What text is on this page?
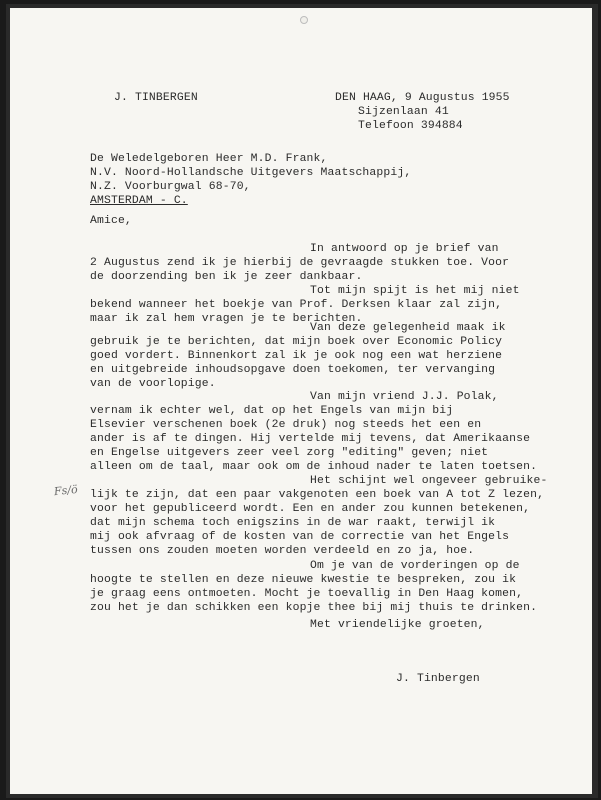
J. TINBERGEN	DEN HAAG, 9 Augustus 1955
Sijzenlaan 41
Telefoon 394884
De Weledelgeboren Heer M.D. Frank,
N.V. Noord-Hollandsche Uitgevers Maatschappij,
N.Z. Voorburgwal 68-70,
AMSTERDAM - C.
Amice,
In antwoord op je brief van
2 Augustus zend ik je hierbij de gevraagde stukken toe. Voor
de doorzending ben ik je zeer dankbaar.
Tot mijn spijt is het mij niet
bekend wanneer het boekje van Prof. Derksen klaar zal zijn,
maar ik zal hem vragen je te berichten.
Van deze gelegenheid maak ik
gebruik je te berichten, dat mijn boek over Economic Policy
goed vordert. Binnenkort zal ik je ook nog een wat herziene
en uitgebreide inhoudsopgave doen toekomen, ter vervanging
van de voorlopige.
Van mijn vriend J.J. Polak,
vernam ik echter wel, dat op het Engels van mijn bij
Elsevier verschenen boek (2e druk) nog steeds het een en
ander is af te dingen. Hij vertelde mij tevens, dat Amerikaanse
en Engelse uitgevers zeer veel zorg "editing" geven; niet
alleen om de taal, maar ook om de inhoud nader te laten toetsen.
Het schijnt wel ongeveer gebruike-
lijk te zijn, dat een paar vakgenoten een boek van A tot Z lezen,
voor het gepubliceerd wordt. Een en ander zou kunnen betekenen,
dat mijn schema toch enigszins in de war raakt, terwijl ik
mij ook afvraag of de kosten van de correctie van het Engels
tussen ons zouden moeten worden verdeeld en zo ja, hoe.
Om je van de vorderingen op de
hoogte te stellen en deze nieuwe kwestie te bespreken, zou ik
je graag eens ontmoeten. Mocht je toevallig in Den Haag komen,
zou het je dan schikken een kopje thee bij mij thuis te drinken.
Met vriendelijke groeten,
J. Tinbergen
Fs/ö
